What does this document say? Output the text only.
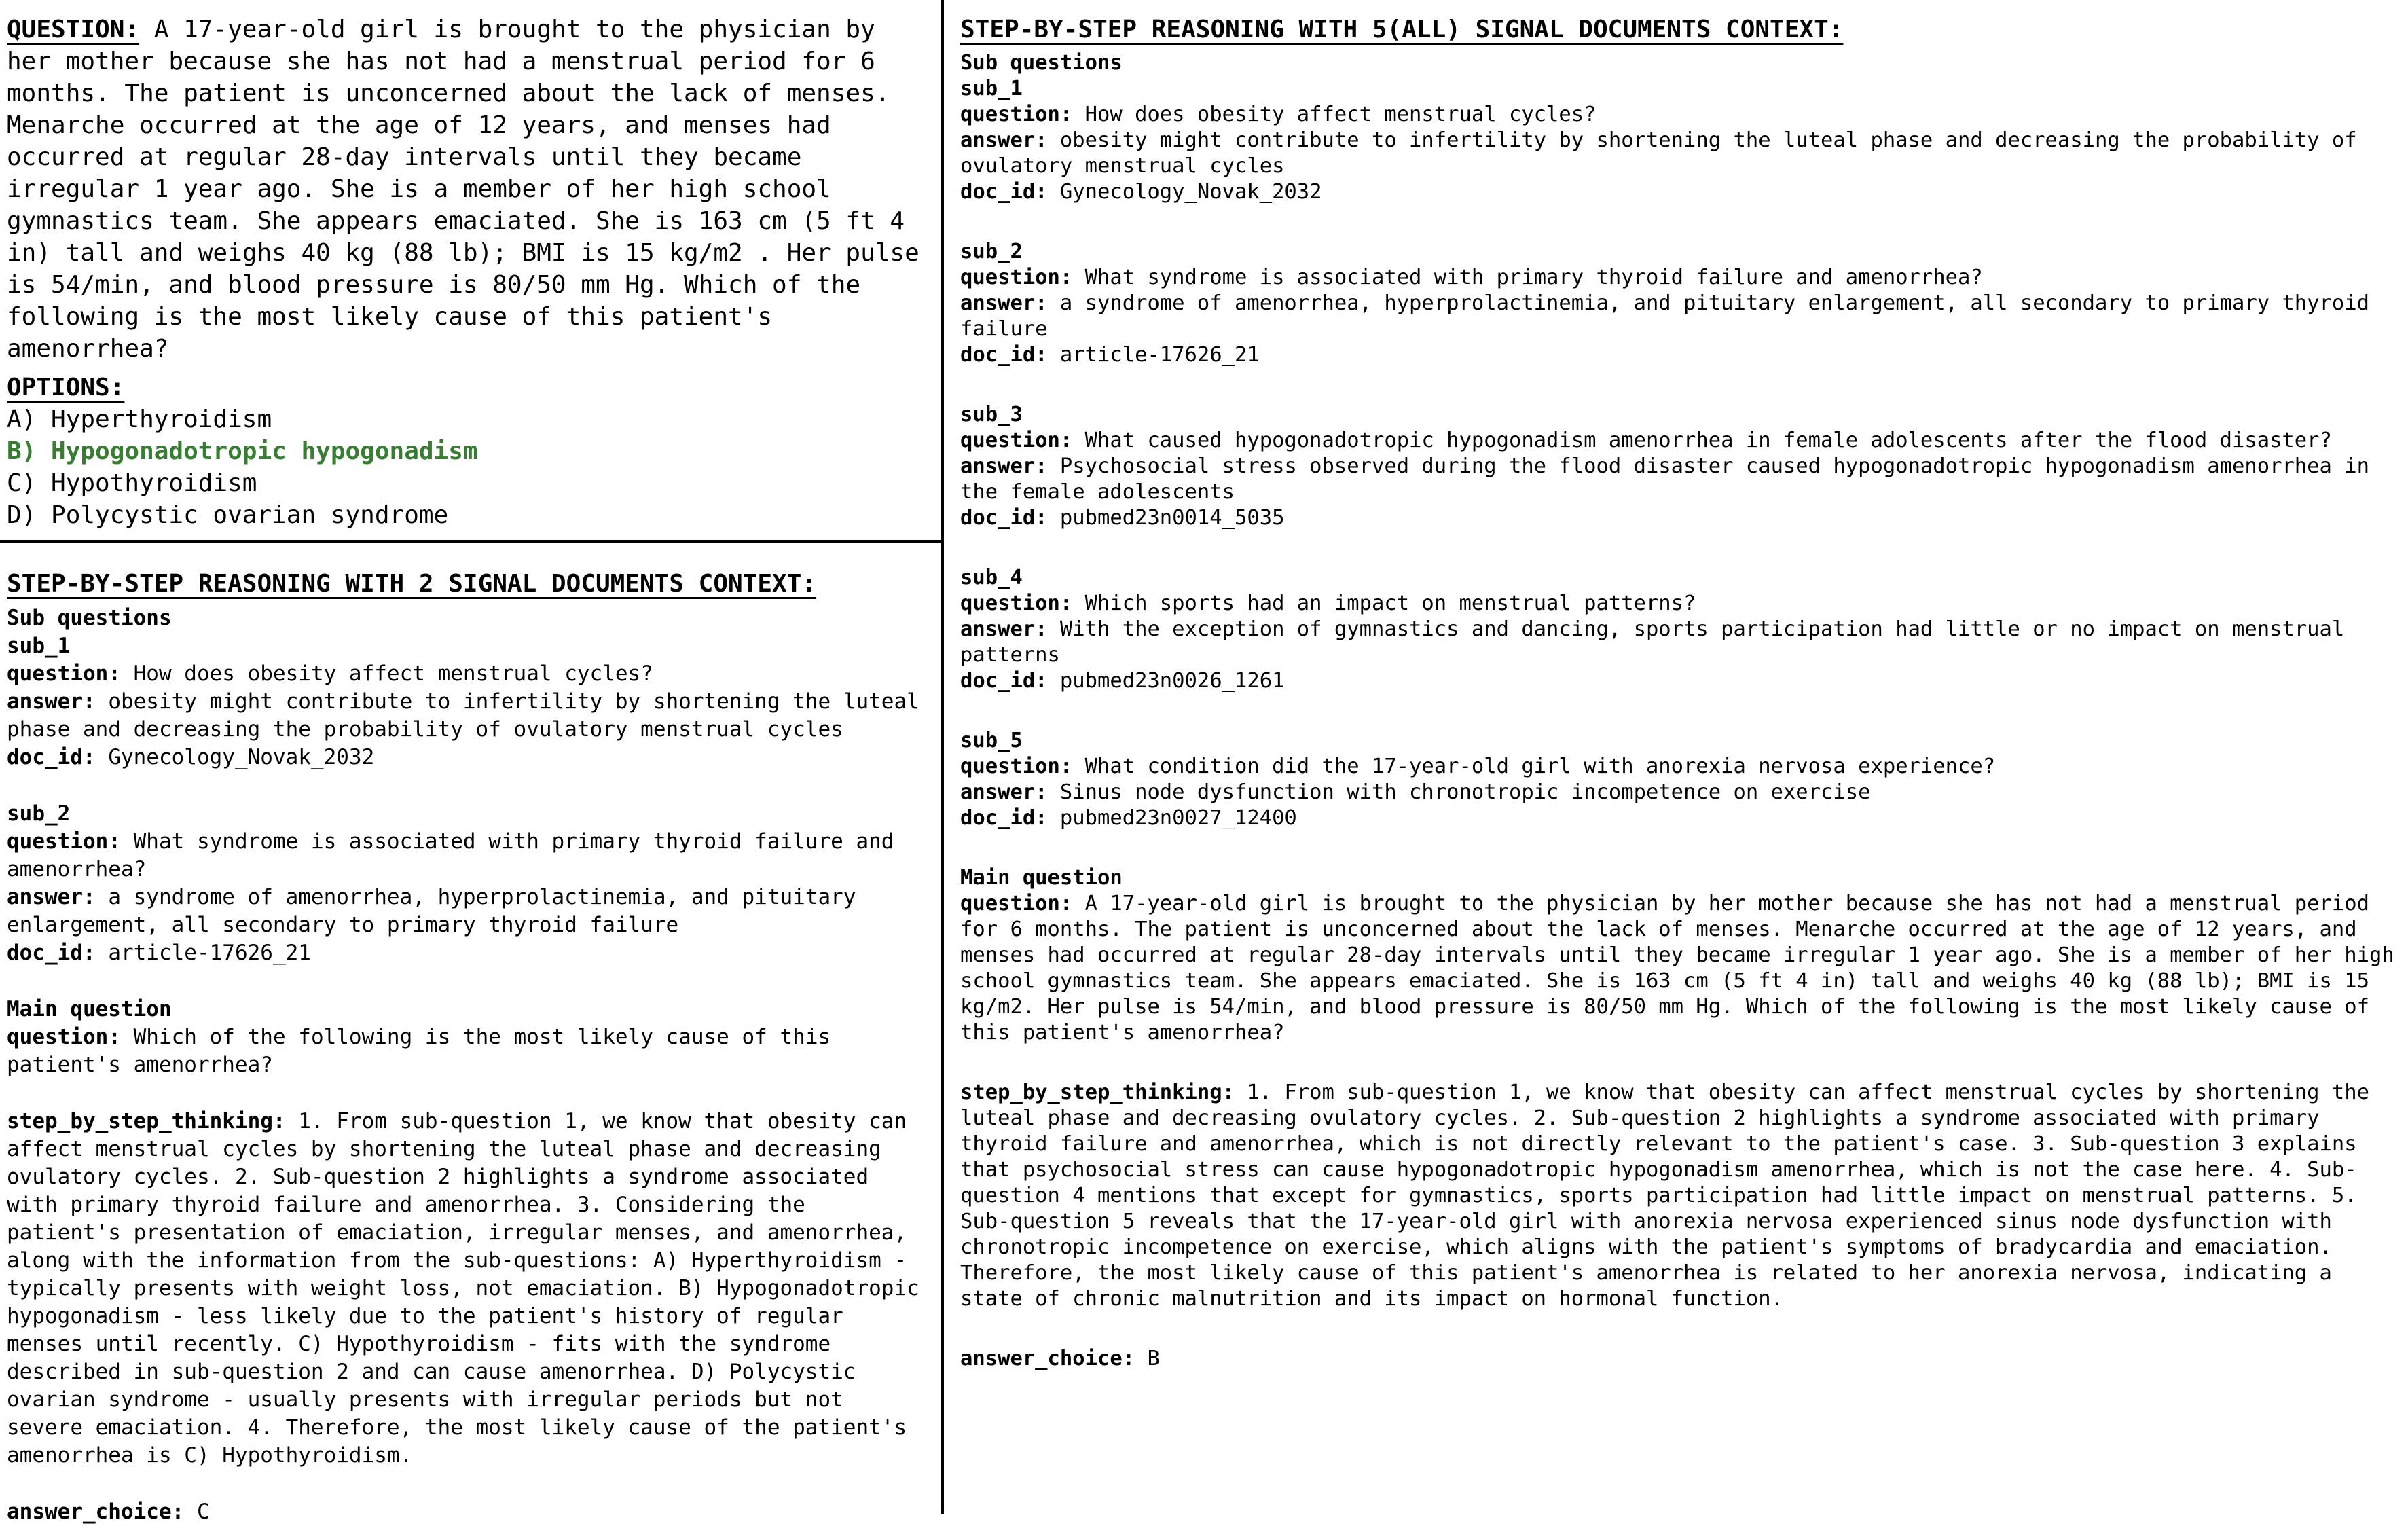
QUESTION: A 17-year-old girl is brought to the physician by her mother because she has not had a menstrual period for 6 months. The patient is unconcerned about the lack of menses. Menarche occurred at the age of 12 years, and menses had occurred at regular 28-day intervals until they became irregular 1 year ago. She is a member of her high school gymnastics team. She appears emaciated. She is 163 cm (5 ft 4 in) tall and weighs 40 kg (88 lb); BMI is 15 kg/m2 . Her pulse is 54/min, and blood pressure is 80/50 mm Hg. Which of the following is the most likely cause of this patient's amenorrhea?
OPTIONS:
A) Hyperthyroidism
B) Hypogonadotropic hypogonadism
C) Hypothyroidism
D) Polycystic ovarian syndrome
STEP-BY-STEP REASONING WITH 2 SIGNAL DOCUMENTS CONTEXT:
Sub questions
sub_1
question: How does obesity affect menstrual cycles?
answer: obesity might contribute to infertility by shortening the luteal phase and decreasing the probability of ovulatory menstrual cycles
doc_id: Gynecology_Novak_2032
sub_2
question: What syndrome is associated with primary thyroid failure and amenorrhea?
answer: a syndrome of amenorrhea, hyperprolactinemia, and pituitary enlargement, all secondary to primary thyroid failure
doc_id: article-17626_21
Main question
question: Which of the following is the most likely cause of this patient's amenorrhea?
step_by_step_thinking: 1. From sub-question 1, we know that obesity can affect menstrual cycles by shortening the luteal phase and decreasing ovulatory cycles. 2. Sub-question 2 highlights a syndrome associated with primary thyroid failure and amenorrhea. 3. Considering the patient's presentation of emaciation, irregular menses, and amenorrhea, along with the information from the sub-questions: A) Hyperthyroidism - typically presents with weight loss, not emaciation. B) Hypogonadotropic hypogonadism - less likely due to the patient's history of regular menses until recently. C) Hypothyroidism - fits with the syndrome described in sub-question 2 and can cause amenorrhea. D) Polycystic ovarian syndrome - usually presents with irregular periods but not severe emaciation. 4. Therefore, the most likely cause of the patient's amenorrhea is C) Hypothyroidism.
answer_choice: C
STEP-BY-STEP REASONING WITH 5(ALL) SIGNAL DOCUMENTS CONTEXT:
Sub questions
sub_1
question: How does obesity affect menstrual cycles?
answer: obesity might contribute to infertility by shortening the luteal phase and decreasing the probability of ovulatory menstrual cycles
doc_id: Gynecology_Novak_2032
sub_2
question: What syndrome is associated with primary thyroid failure and amenorrhea?
answer: a syndrome of amenorrhea, hyperprolactinemia, and pituitary enlargement, all secondary to primary thyroid failure
doc_id: article-17626_21
sub_3
question: What caused hypogonadotropic hypogonadism amenorrhea in female adolescents after the flood disaster?
answer: Psychosocial stress observed during the flood disaster caused hypogonadotropic hypogonadism amenorrhea in the female adolescents
doc_id: pubmed23n0014_5035
sub_4
question: Which sports had an impact on menstrual patterns?
answer: With the exception of gymnastics and dancing, sports participation had little or no impact on menstrual patterns
doc_id: pubmed23n0026_1261
sub_5
question: What condition did the 17-year-old girl with anorexia nervosa experience?
answer: Sinus node dysfunction with chronotropic incompetence on exercise
doc_id: pubmed23n0027_12400
Main question
question: A 17-year-old girl is brought to the physician by her mother because she has not had a menstrual period for 6 months. The patient is unconcerned about the lack of menses. Menarche occurred at the age of 12 years, and menses had occurred at regular 28-day intervals until they became irregular 1 year ago. She is a member of her high school gymnastics team. She appears emaciated. She is 163 cm (5 ft 4 in) tall and weighs 40 kg (88 lb); BMI is 15 kg/m2. Her pulse is 54/min, and blood pressure is 80/50 mm Hg. Which of the following is the most likely cause of this patient's amenorrhea?
step_by_step_thinking: 1. From sub-question 1, we know that obesity can affect menstrual cycles by shortening the luteal phase and decreasing ovulatory cycles. 2. Sub-question 2 highlights a syndrome associated with primary thyroid failure and amenorrhea, which is not directly relevant to the patient's case. 3. Sub-question 3 explains that psychosocial stress can cause hypogonadotropic hypogonadism amenorrhea, which is not the case here. 4. Sub-question 4 mentions that except for gymnastics, sports participation had little impact on menstrual patterns. 5. Sub-question 5 reveals that the 17-year-old girl with anorexia nervosa experienced sinus node dysfunction with chronotropic incompetence on exercise, which aligns with the patient's symptoms of bradycardia and emaciation. Therefore, the most likely cause of this patient's amenorrhea is related to her anorexia nervosa, indicating a state of chronic malnutrition and its impact on hormonal function.
answer_choice: B
